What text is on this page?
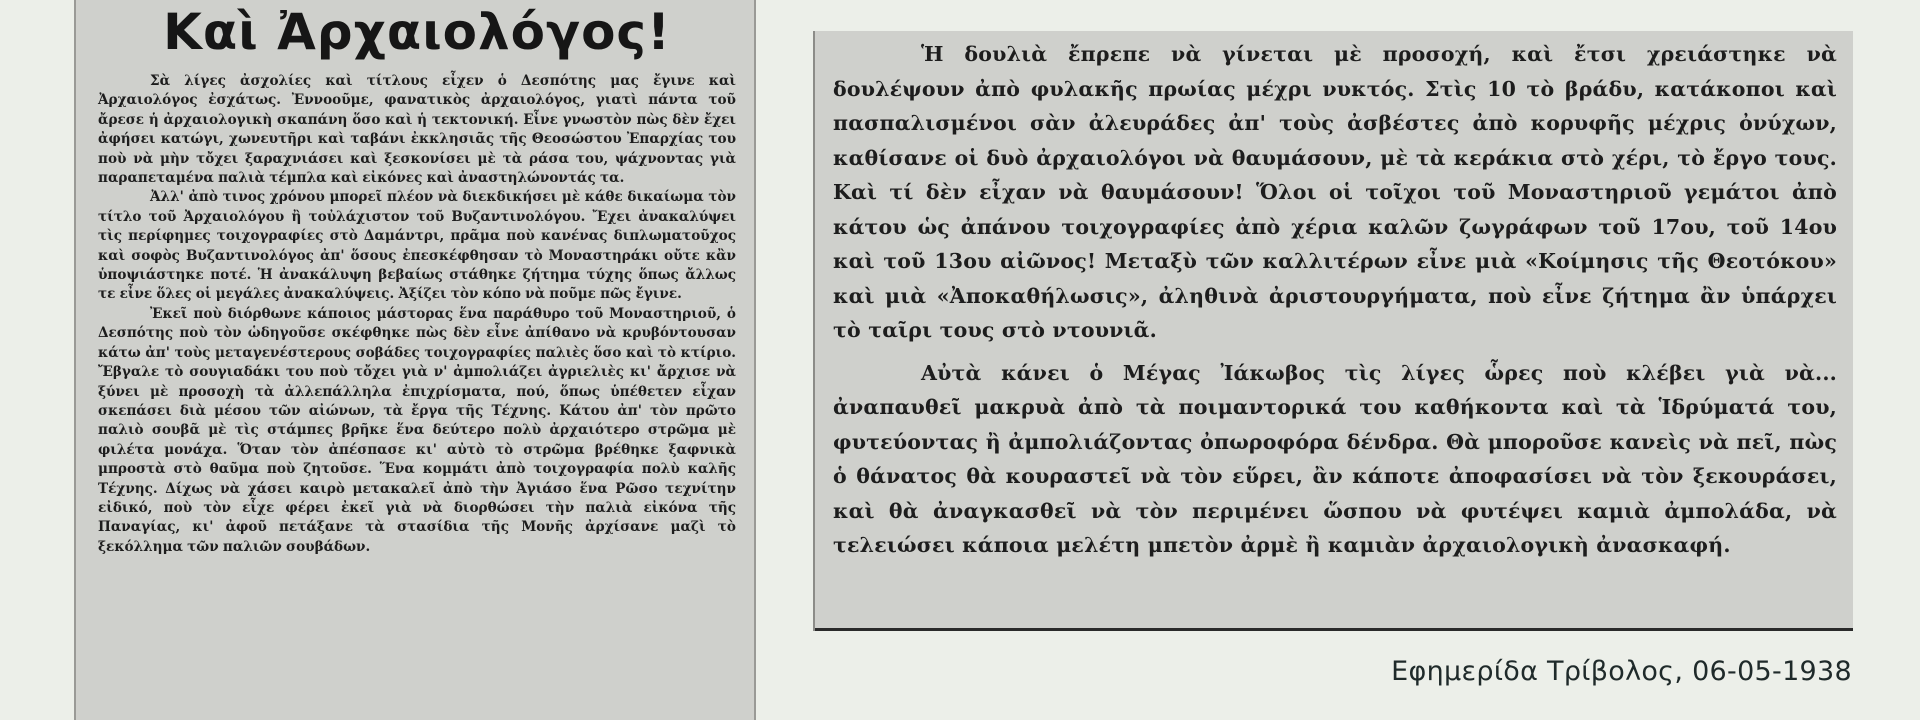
Καὶ Ἀρχαιολόγος!

Σὰ λίγες ἀσχολίες καὶ τίτλους εἶχεν ὁ Δεσπότης μας ἔγινε καὶ Ἀρχαιολόγος ἐσχάτως. Ἐννοοῦμε, φανατικὸς ἀρχαιολόγος, γιατὶ πάντα τοῦ ἄρεσε ἡ ἀρχαιολογικὴ σκαπάνη ὅσο καὶ ἡ τεκτονική. Εἶνε γνωστὸν πὼς δὲν ἔχει ἀφήσει κατώγι, χωνευτῆρι καὶ ταβάνι ἐκκλησιᾶς τῆς Θεοσώστου Ἐπαρχίας του ποὺ νὰ μὴν τὄχει ξαραχνιάσει καὶ ξεσκονίσει μὲ τὰ ράσα του, ψάχνοντας γιὰ παραπεταμένα παλιὰ τέμπλα καὶ εἰκόνες καὶ ἀναστηλώνοντάς τα.

Ἀλλ' ἀπὸ τινος χρόνου μπορεῖ πλέον νὰ διεκδικήσει μὲ κάθε δικαίωμα τὸν τίτλο τοῦ Ἀρχαιολόγου ἢ τοὐλάχιστον τοῦ Βυζαντινολόγου. Ἔχει ἀνακαλύψει τὶς περίφημες τοιχογραφίες στὸ Δαμάντρι, πρᾶμα ποὺ κανένας διπλωματοῦχος καὶ σοφὸς Βυζαντινολόγος ἀπ' ὅσους ἐπεσκέφθησαν τὸ Μοναστηράκι οὔτε κἂν ὑποψιάστηκε ποτέ. Ἡ ἀνακάλυψη βεβαίως στάθηκε ζήτημα τύχης ὅπως ἄλλως τε εἶνε ὅλες οἱ μεγάλες ἀνακαλύψεις. Ἀξίζει τὸν κόπο νὰ ποῦμε πῶς ἔγινε.

Ἐκεῖ ποὺ διόρθωνε κάποιος μάστορας ἕνα παράθυρο τοῦ Μοναστηριοῦ, ὁ Δεσπότης ποὺ τὸν ὡδηγοῦσε σκέφθηκε πὼς δὲν εἶνε ἀπίθανο νὰ κρυβόντουσαν κάτω ἀπ' τοὺς μεταγενέστερους σοβάδες τοιχογραφίες παλιὲς ὅσο καὶ τὸ κτίριο. Ἔβγαλε τὸ σουγιαδάκι του ποὺ τὄχει γιὰ ν' ἀμπολιάζει ἀγριελιὲς κι' ἄρχισε νὰ ξύνει μὲ προσοχὴ τὰ ἀλλεπάλληλα ἐπιχρίσματα, πού, ὅπως ὑπέθετεν εἶχαν σκεπάσει διὰ μέσου τῶν αἰώνων, τὰ ἔργα τῆς Τέχνης. Κάτου ἀπ' τὸν πρῶτο παλιὸ σουβᾶ μὲ τὶς στάμπες βρῆκε ἕνα δεύτερο πολὺ ἀρχαιότερο στρῶμα μὲ φιλέτα μονάχα. Ὅταν τὸν ἀπέσπασε κι' αὐτὸ τὸ στρῶμα βρέθηκε ξαφνικὰ μπροστὰ στὸ θαῦμα ποὺ ζητοῦσε. Ἕνα κομμάτι ἀπὸ τοιχογραφία πολὺ καλῆς Τέχνης. Δίχως νὰ χάσει καιρὸ μετακαλεῖ ἀπὸ τὴν Ἀγιάσο ἕνα Ρῶσο τεχνίτην εἰδικό, ποὺ τὸν εἶχε φέρει ἐκεῖ γιὰ νὰ διορθώσει τὴν παλιὰ εἰκόνα τῆς Παναγίας, κι' ἀφοῦ πετάξανε τὰ στασίδια τῆς Μονῆς ἀρχίσανε μαζὶ τὸ ξεκόλλημα τῶν παλιῶν σουβάδων.

Ἡ δουλιὰ ἔπρεπε νὰ γίνεται μὲ προσοχή, καὶ ἔτσι χρειάστηκε νὰ δουλέψουν ἀπὸ φυλακῆς πρωίας μέχρι νυκτός. Στὶς 10 τὸ βράδυ, κατάκοποι καὶ πασπαλισμένοι σὰν ἀλευράδες ἀπ' τοὺς ἀσβέστες ἀπὸ κορυφῆς μέχρις ὀνύχων, καθίσανε οἱ δυὸ ἀρχαιολόγοι νὰ θαυμάσουν, μὲ τὰ κεράκια στὸ χέρι, τὸ ἔργο τους. Καὶ τί δὲν εἶχαν νὰ θαυμάσουν! Ὅλοι οἱ τοῖχοι τοῦ Μοναστηριοῦ γεμάτοι ἀπὸ κάτου ὡς ἀπάνου τοιχογραφίες ἀπὸ χέρια καλῶν ζωγράφων τοῦ 17ου, τοῦ 14ου καὶ τοῦ 13ου αἰῶνος! Μεταξὺ τῶν καλλιτέρων εἶνε μιὰ «Κοίμησις τῆς Θεοτόκου» καὶ μιὰ «Ἀποκαθήλωσις», ἀληθινὰ ἀριστουργήματα, ποὺ εἶνε ζήτημα ἂν ὑπάρχει τὸ ταῖρι τους στὸ ντουνιᾶ.

Αὐτὰ κάνει ὁ Μέγας Ἰάκωβος τὶς λίγες ὧρες ποὺ κλέβει γιὰ νὰ... ἀναπαυθεῖ μακρυὰ ἀπὸ τὰ ποιμαντορικά του καθήκοντα καὶ τὰ Ἱδρύματά του, φυτεύοντας ἢ ἀμπολιάζοντας ὀπωροφόρα δένδρα. Θὰ μποροῦσε κανεὶς νὰ πεῖ, πὼς ὁ θάνατος θὰ κουραστεῖ νὰ τὸν εὕρει, ἂν κάποτε ἀποφασίσει νὰ τὸν ξεκουράσει, καὶ θὰ ἀναγκασθεῖ νὰ τὸν περιμένει ὥσπου νὰ φυτέψει καμιὰ ἀμπολάδα, νὰ τελειώσει κάποια μελέτη μπετὸν ἀρμὲ ἢ καμιὰν ἀρχαιολογικὴ ἀνασκαφή.

Εφημερίδα Τρίβολος, 06-05-1938
